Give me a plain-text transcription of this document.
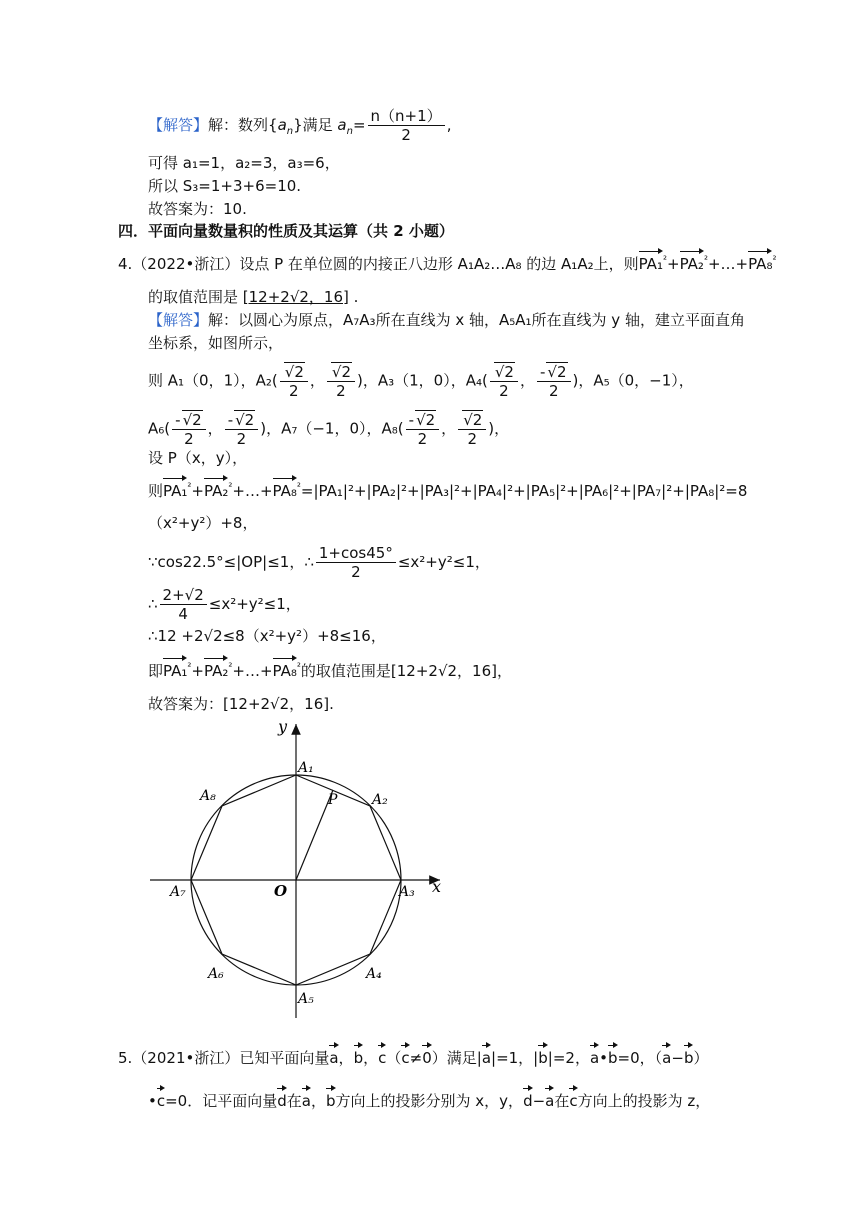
【解答】解：数列$\{a_n\}$满足 $a_n= \frac{n(n+1)}{2}$ ,
可得 a₁=1，a₂=3，a₃=6，
所以 S₃=1+3+6=10.
故答案为：10.
四．平面向量数量积的性质及其运算（共 2 小题）
4.（2022•浙江）设点 P 在单位圆的内接正八边形 A₁A₂…A₈ 的边 A₁A₂上，则PA₁$^{^2}$+PA₂$^{^2}$+…+PA₈$^{^2}$
的取值范围是 [12+2√2，16] .
【解答】解：以圆心为原点，A₇A₃所在直线为 x 轴，A₅A₁所在直线为 y 轴，建立平面直角
坐标系，如图所示，
则 A₁（0，1），$A_2( \frac{√2}{2}$ ， $\frac{√2}{2}$ )，A₃（1，0），$A_4( \frac{√2}{2}$ ， $\frac{- √2}{2}$ )，A₅（0，−1），
$A_6( \frac{- √2}{2}$ ， $\frac{- √2}{2}$ )，A₇（−1，0），$A_8( \frac{- √2}{2}$ ， $\frac{√2}{2}$ )，
设 P（x，y），
则PA₁$^{^2}$+PA₂$^{^2}$+…+PA₈$^{^2}$=|PA₁|²+|PA₂|²+|PA₃|²+|PA₄|²+|PA₅|²+|PA₆|²+|PA₇|²+|PA₈|²=8
（x²+y²）+8，
∵cos22.5°≤|OP|≤1，∴ $\frac{1+\cos 45^\circ}{2} \le x^2+y^2\le 1$，
∴ $\frac{2+√2}{4} \le x^2+y^2\le 1$，
∴12 +2√2≤8（x²+y²）+8≤16，
即PA₁$^{^2}$+PA₂$^{^2}$+…+PA₈$^{^2}$的取值范围是[12+2√2，16]，
故答案为：[12+2√2，16].
y
x
O
P
A₁
A₂
A₃
A₄
A₅
A₆
A₇
A₈
5.（2021•浙江）已知平面向量a，b，c（c≠0）满足|a|=1，|b|=2，a•b=0，（a−b）
•c=0．记平面向量d在a，b方向上的投影分别为 x，y，d−a在c方向上的投影为 z，
